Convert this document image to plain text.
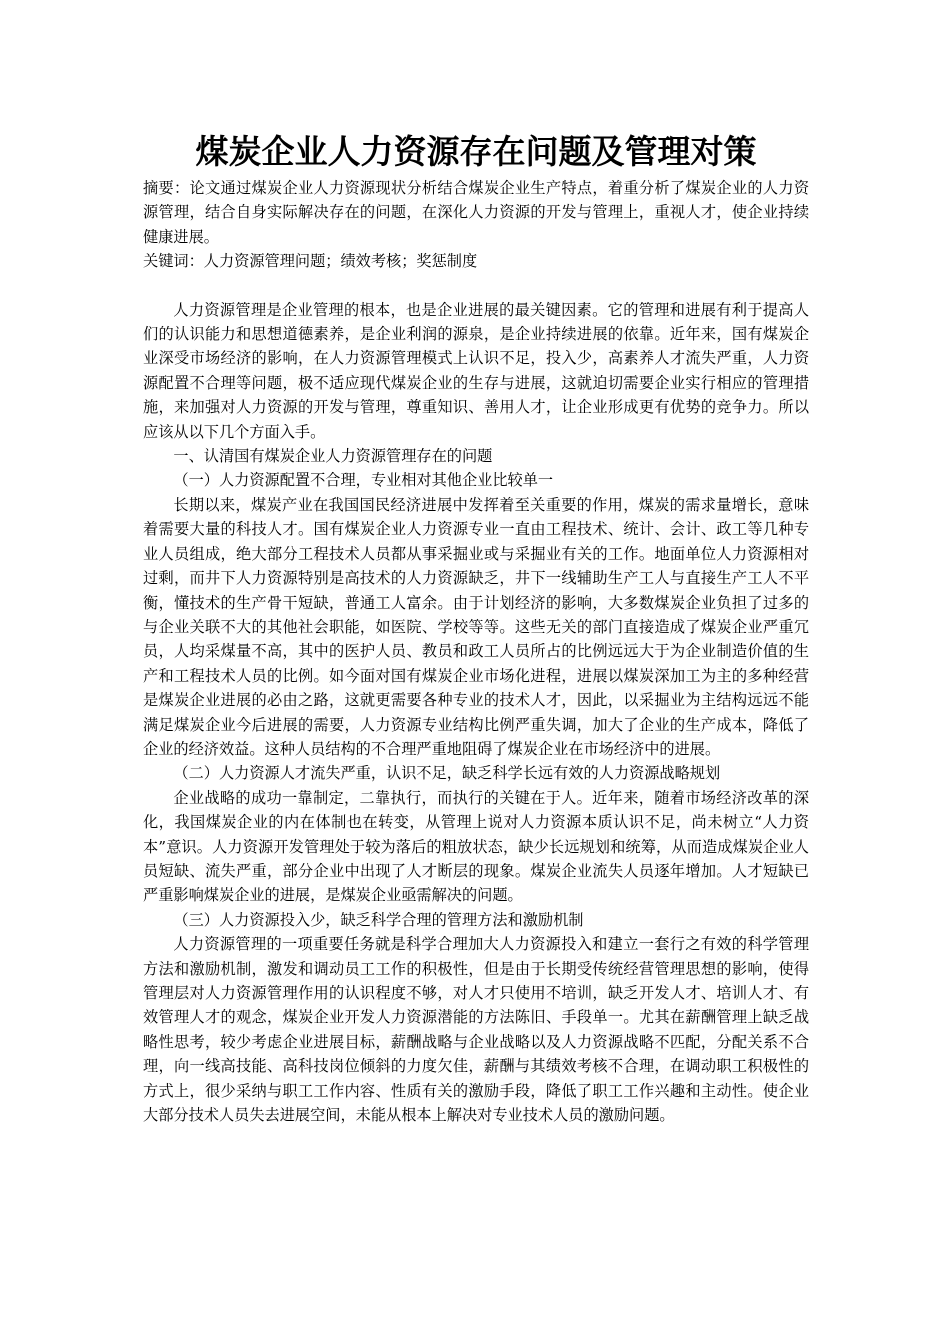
煤炭企业人力资源存在问题及管理对策

摘要：论文通过煤炭企业人力资源现状分析结合煤炭企业生产特点，着重分析了煤炭企业的人力资源管理，结合自身实际解决存在的问题，在深化人力资源的开发与管理上，重视人才，使企业持续健康进展。

关键词：人力资源管理问题；绩效考核；奖惩制度

人力资源管理是企业管理的根本，也是企业进展的最关键因素。它的管理和进展有利于提高人们的认识能力和思想道德素养，是企业利润的源泉，是企业持续进展的依靠。近年来，国有煤炭企业深受市场经济的影响，在人力资源管理模式上认识不足，投入少，高素养人才流失严重，人力资源配置不合理等问题，极不适应现代煤炭企业的生存与进展，这就迫切需要企业实行相应的管理措施，来加强对人力资源的开发与管理，尊重知识、善用人才，让企业形成更有优势的竞争力。所以应该从以下几个方面入手。

一、认清国有煤炭企业人力资源管理存在的问题

（一）人力资源配置不合理，专业相对其他企业比较单一

长期以来，煤炭产业在我国国民经济进展中发挥着至关重要的作用，煤炭的需求量增长，意味着需要大量的科技人才。国有煤炭企业人力资源专业一直由工程技术、统计、会计、政工等几种专业人员组成，绝大部分工程技术人员都从事采掘业或与采掘业有关的工作。地面单位人力资源相对过剩，而井下人力资源特别是高技术的人力资源缺乏，井下一线辅助生产工人与直接生产工人不平衡，懂技术的生产骨干短缺，普通工人富余。由于计划经济的影响，大多数煤炭企业负担了过多的与企业关联不大的其他社会职能，如医院、学校等等。这些无关的部门直接造成了煤炭企业严重冗员，人均采煤量不高，其中的医护人员、教员和政工人员所占的比例远远大于为企业制造价值的生产和工程技术人员的比例。如今面对国有煤炭企业市场化进程，进展以煤炭深加工为主的多种经营是煤炭企业进展的必由之路，这就更需要各种专业的技术人才，因此，以采掘业为主结构远远不能满足煤炭企业今后进展的需要，人力资源专业结构比例严重失调，加大了企业的生产成本，降低了企业的经济效益。这种人员结构的不合理严重地阻碍了煤炭企业在市场经济中的进展。

（二）人力资源人才流失严重，认识不足，缺乏科学长远有效的人力资源战略规划

企业战略的成功一靠制定，二靠执行，而执行的关键在于人。近年来，随着市场经济改革的深化，我国煤炭企业的内在体制也在转变，从管理上说对人力资源本质认识不足，尚未树立“人力资本”意识。人力资源开发管理处于较为落后的粗放状态，缺少长远规划和统筹，从而造成煤炭企业人员短缺、流失严重，部分企业中出现了人才断层的现象。煤炭企业流失人员逐年增加。人才短缺已严重影响煤炭企业的进展，是煤炭企业亟需解决的问题。

（三）人力资源投入少，缺乏科学合理的管理方法和激励机制

人力资源管理的一项重要任务就是科学合理加大人力资源投入和建立一套行之有效的科学管理方法和激励机制，激发和调动员工工作的积极性，但是由于长期受传统经营管理思想的影响，使得管理层对人力资源管理作用的认识程度不够，对人才只使用不培训，缺乏开发人才、培训人才、有效管理人才的观念，煤炭企业开发人力资源潜能的方法陈旧、手段单一。尤其在薪酬管理上缺乏战略性思考，较少考虑企业进展目标，薪酬战略与企业战略以及人力资源战略不匹配，分配关系不合理，向一线高技能、高科技岗位倾斜的力度欠佳，薪酬与其绩效考核不合理，在调动职工积极性的方式上，很少采纳与职工工作内容、性质有关的激励手段，降低了职工工作兴趣和主动性。使企业大部分技术人员失去进展空间，未能从根本上解决对专业技术人员的激励问题。
